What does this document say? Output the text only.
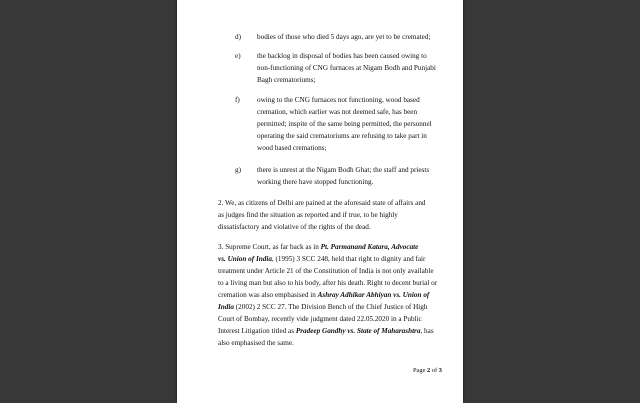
d) bodies of those who died 5 days ago, are yet to be cremated;
e) the backlog in disposal of bodies has been caused owing to
non-functioning of CNG furnaces at Nigam Bodh and Punjabi
Bagh crematoriums;
f) owing to the CNG furnaces not functioning, wood based
cremation, which earlier was not deemed safe, has been
permitted; inspite of the same being permitted, the personnel
operating the said crematoriums are refusing to take part in
wood based cremations;
g) there is unrest at the Nigam Bodh Ghat; the staff and priests
working there have stopped functioning.
2. We, as citizens of Delhi are pained at the aforesaid state of affairs and
as judges find the situation as reported and if true, to be highly
dissatisfactory and violative of the rights of the dead.
3. Supreme Court, as far back as in Pt. Parmanand Katara, Advocate
vs. Union of India, (1995) 3 SCC 248, held that right to dignity and fair
treatment under Article 21 of the Constitution of India is not only available
to a living man but also to his body, after his death. Right to decent burial or
cremation was also emphasised in Ashray Adhikar Abhiyan vs. Union of
India (2002) 2 SCC 27. The Division Bench of the Chief Justice of High
Court of Bombay, recently vide judgment dated 22.05.2020 in a Public
Interest Litigation titled as Pradeep Gandhy vs. State of Maharashtra, has
also emphasised the same.
Page 2 of 3
